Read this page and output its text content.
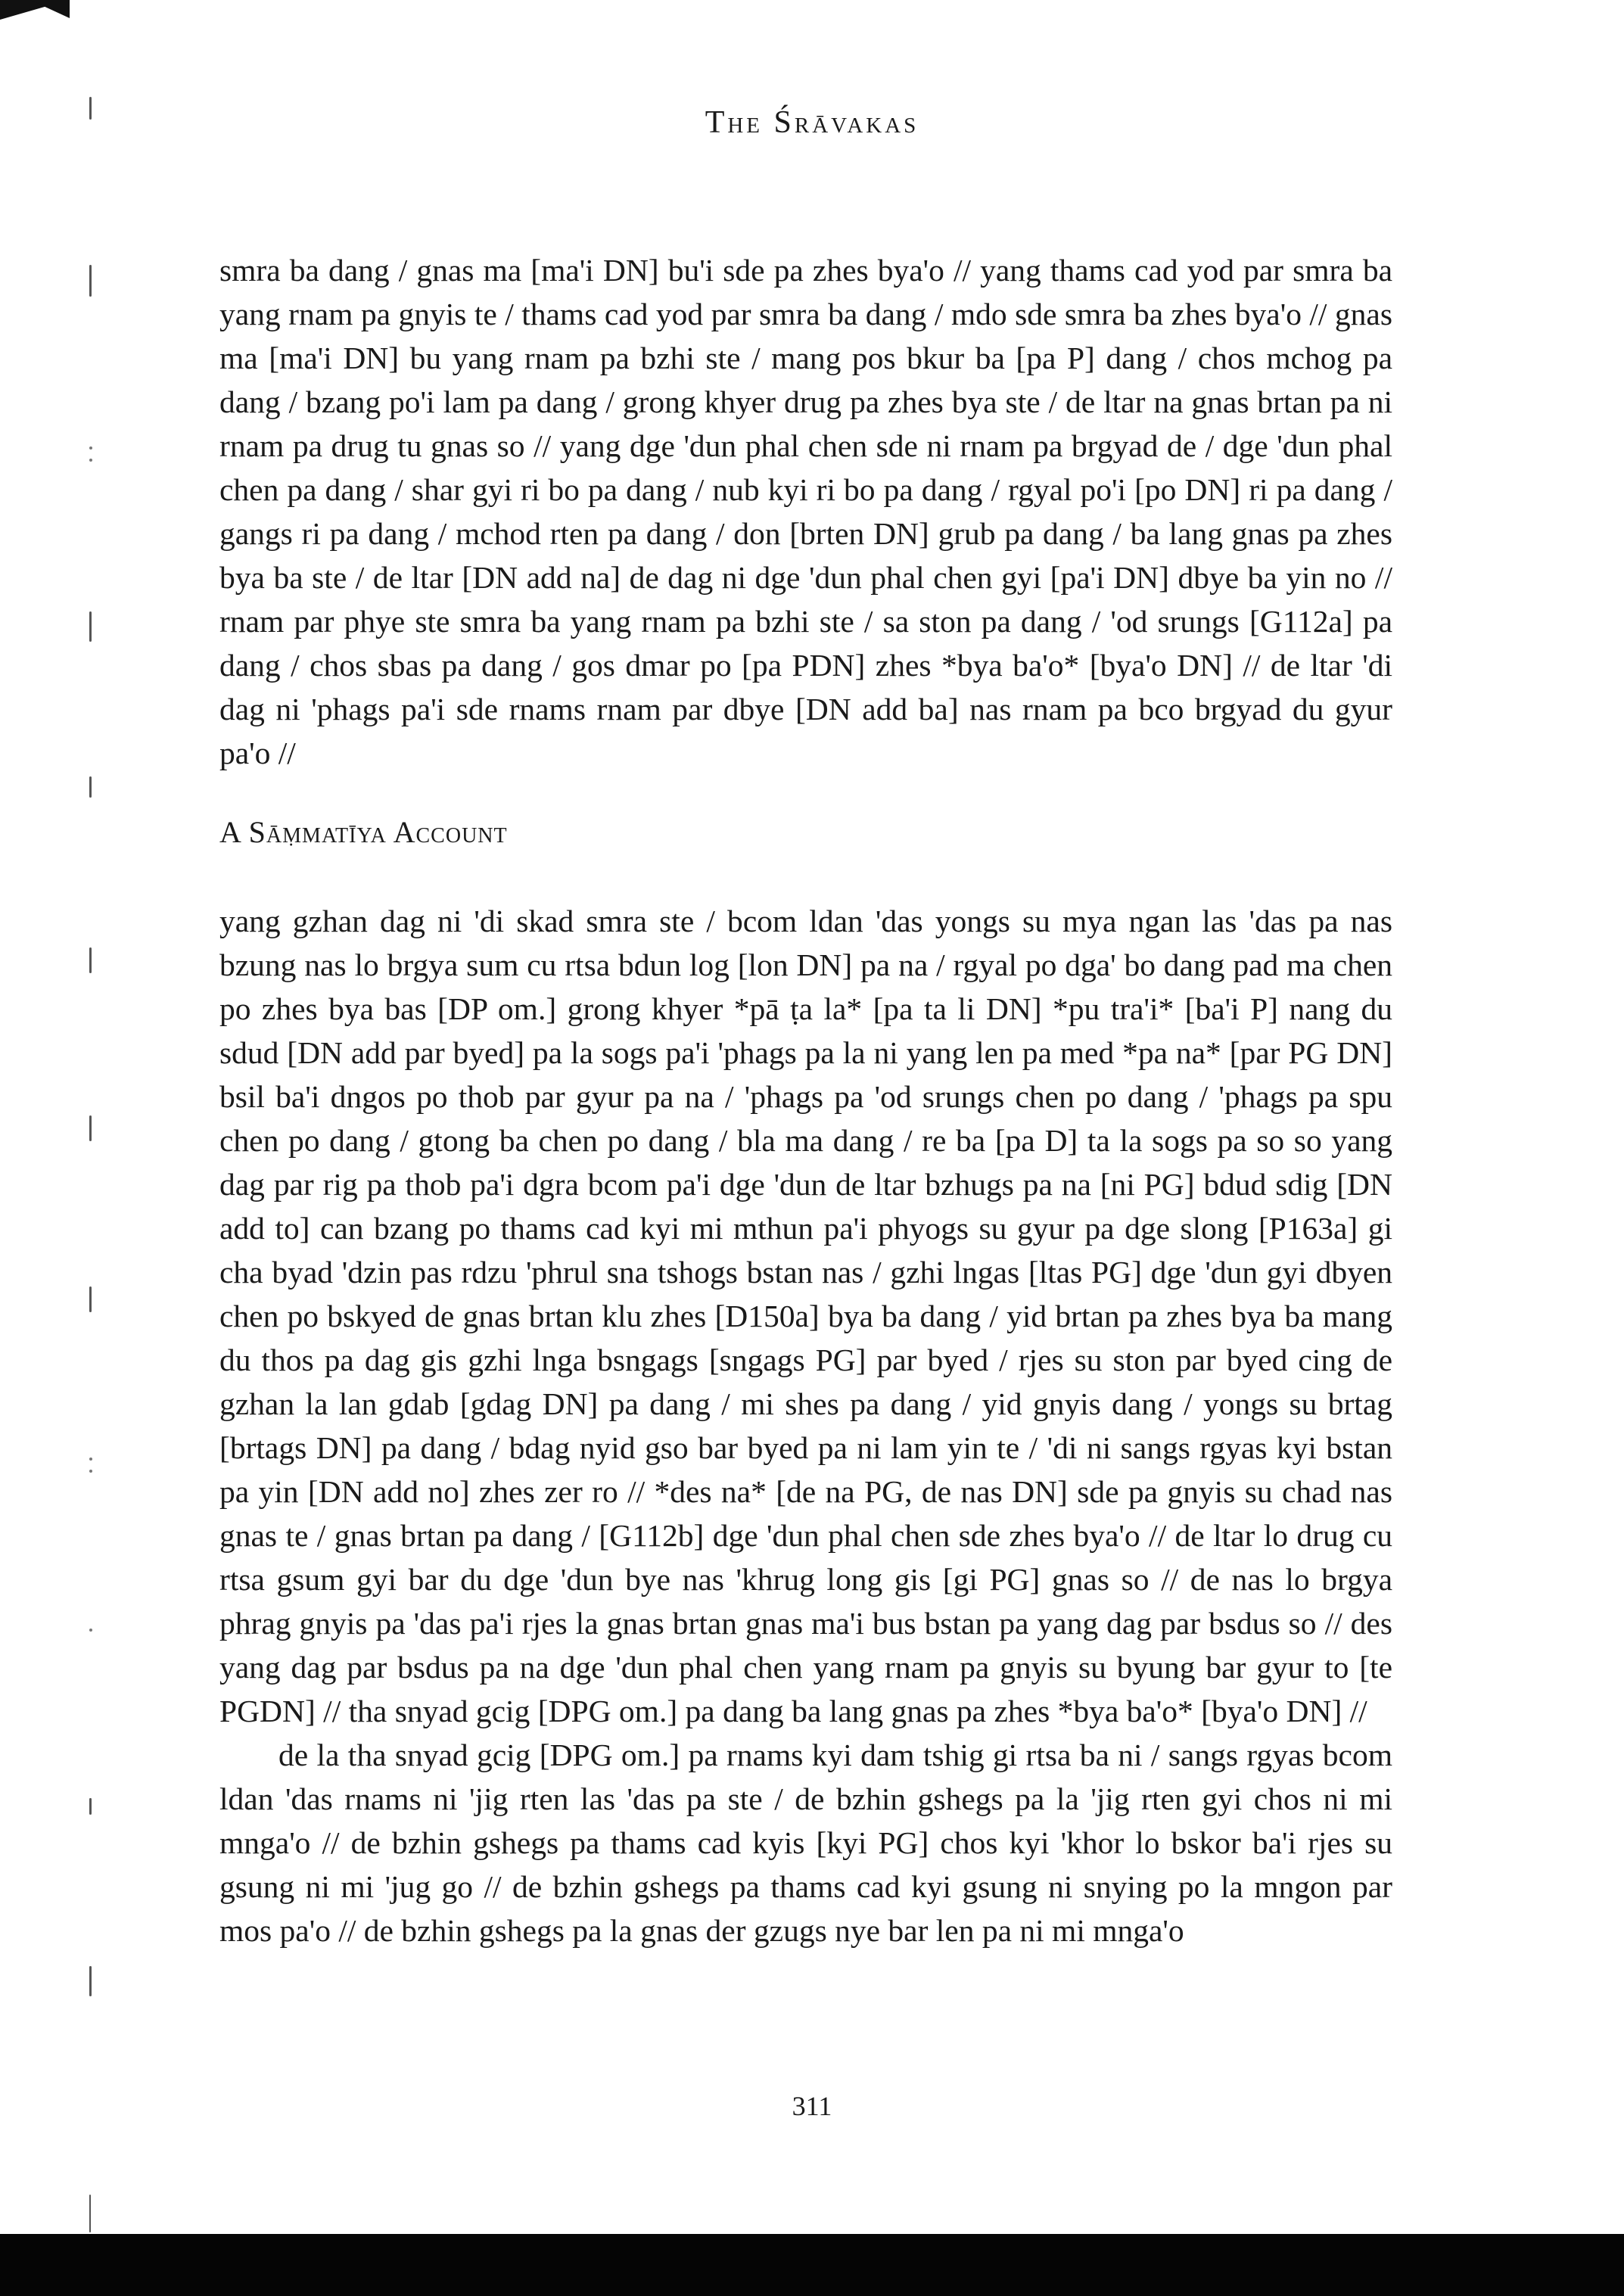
The Śrāvakas

smra ba dang / gnas ma [ma'i DN] bu'i sde pa zhes bya'o // yang thams cad yod par smra ba yang rnam pa gnyis te / thams cad yod par smra ba dang / mdo sde smra ba zhes bya'o // gnas ma [ma'i DN] bu yang rnam pa bzhi ste / mang pos bkur ba [pa P] dang / chos mchog pa dang / bzang po'i lam pa dang / grong khyer drug pa zhes bya ste / de ltar na gnas brtan pa ni rnam pa drug tu gnas so // yang dge 'dun phal chen sde ni rnam pa brgyad de / dge 'dun phal chen pa dang / shar gyi ri bo pa dang / nub kyi ri bo pa dang / rgyal po'i [po DN] ri pa dang / gangs ri pa dang / mchod rten pa dang / don [brten DN] grub pa dang / ba lang gnas pa zhes bya ba ste / de ltar [DN add na] de dag ni dge 'dun phal chen gyi [pa'i DN] dbye ba yin no // rnam par phye ste smra ba yang rnam pa bzhi ste / sa ston pa dang / 'od srungs [G112a] pa dang / chos sbas pa dang / gos dmar po [pa PDN] zhes *bya ba'o* [bya'o DN] // de ltar 'di dag ni 'phags pa'i sde rnams rnam par dbye [DN add ba] nas rnam pa bco brgyad du gyur pa'o //

A Sāṃmatīya Account

yang gzhan dag ni 'di skad smra ste / bcom ldan 'das yongs su mya ngan las 'das pa nas bzung nas lo brgya sum cu rtsa bdun log [lon DN] pa na / rgyal po dga' bo dang pad ma chen po zhes bya bas [DP om.] grong khyer *pā ṭa la* [pa ta li DN] *pu tra'i* [ba'i P] nang du sdud [DN add par byed] pa la sogs pa'i 'phags pa la ni yang len pa med *pa na* [par PG DN] bsil ba'i dngos po thob par gyur pa na / 'phags pa 'od srungs chen po dang / 'phags pa spu chen po dang / gtong ba chen po dang / bla ma dang / re ba [pa D] ta la sogs pa so so yang dag par rig pa thob pa'i dgra bcom pa'i dge 'dun de ltar bzhugs pa na [ni PG] bdud sdig [DN add to] can bzang po thams cad kyi mi mthun pa'i phyogs su gyur pa dge slong [P163a] gi cha byad 'dzin pas rdzu 'phrul sna tshogs bstan nas / gzhi lngas [ltas PG] dge 'dun gyi dbyen chen po bskyed de gnas brtan klu zhes [D150a] bya ba dang / yid brtan pa zhes bya ba mang du thos pa dag gis gzhi lnga bsngags [sngags PG] par byed / rjes su ston par byed cing de gzhan la lan gdab [gdag DN] pa dang / mi shes pa dang / yid gnyis dang / yongs su brtag [brtags DN] pa dang / bdag nyid gso bar byed pa ni lam yin te / 'di ni sangs rgyas kyi bstan pa yin [DN add no] zhes zer ro // *des na* [de na PG, de nas DN] sde pa gnyis su chad nas gnas te / gnas brtan pa dang / [G112b] dge 'dun phal chen sde zhes bya'o // de ltar lo drug cu rtsa gsum gyi bar du dge 'dun bye nas 'khrug long gis [gi PG] gnas so // de nas lo brgya phrag gnyis pa 'das pa'i rjes la gnas brtan gnas ma'i bus bstan pa yang dag par bsdus so // des yang dag par bsdus pa na dge 'dun phal chen yang rnam pa gnyis su byung bar gyur to [te PGDN] // tha snyad gcig [DPG om.] pa dang ba lang gnas pa zhes *bya ba'o* [bya'o DN] //

de la tha snyad gcig [DPG om.] pa rnams kyi dam tshig gi rtsa ba ni / sangs rgyas bcom ldan 'das rnams ni 'jig rten las 'das pa ste / de bzhin gshegs pa la 'jig rten gyi chos ni mi mnga'o // de bzhin gshegs pa thams cad kyis [kyi PG] chos kyi 'khor lo bskor ba'i rjes su gsung ni mi 'jug go // de bzhin gshegs pa thams cad kyi gsung ni snying po la mngon par mos pa'o // de bzhin gshegs pa la gnas der gzugs nye bar len pa ni mi mnga'o

311
